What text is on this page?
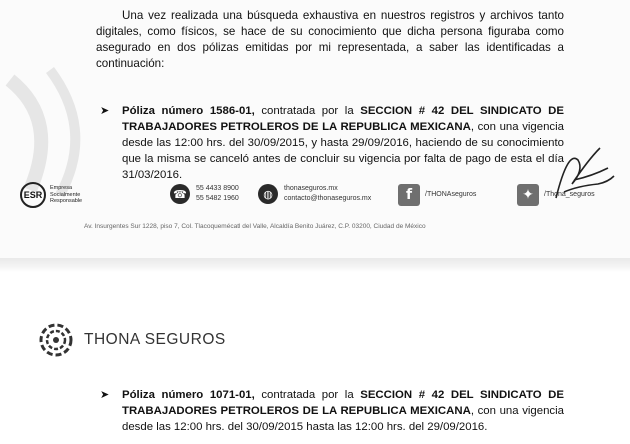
Una vez realizada una búsqueda exhaustiva en nuestros registros y archivos tanto digitales, como físicos, se hace de su conocimiento que dicha persona figuraba como asegurado en dos pólizas emitidas por mi representada, a saber las identificadas a continuación:

➤ Póliza número 1586-01, contratada por la SECCION # 42 DEL SINDICATO DE TRABAJADORES PETROLEROS DE LA REPUBLICA MEXICANA, con una vigencia desde las 12:00 hrs. del 30/09/2015, y hasta 29/09/2016, haciendo de su conocimiento que la misma se canceló antes de concluir su vigencia por falta de pago de esta el día 31/03/2016.
ESR
Empresa Socialmente Responsable
☎	55 4433 8900
55 5482 1960	◍	thonaseguros.mx
contacto@thonaseguros.mx	f	/THONAseguros	✦	/Thona_seguros
Av. Insurgentes Sur 1228, piso 7, Col. Tlacoquemécatl del Valle, Alcaldía Benito Juárez, C.P. 03200, Ciudad de México
THONA SEGUROS
➤ Póliza número 1071-01, contratada por la SECCION # 42 DEL SINDICATO DE TRABAJADORES PETROLEROS DE LA REPUBLICA MEXICANA, con una vigencia desde las 12:00 hrs. del 30/09/2015 hasta las 12:00 hrs. del 29/09/2016.
